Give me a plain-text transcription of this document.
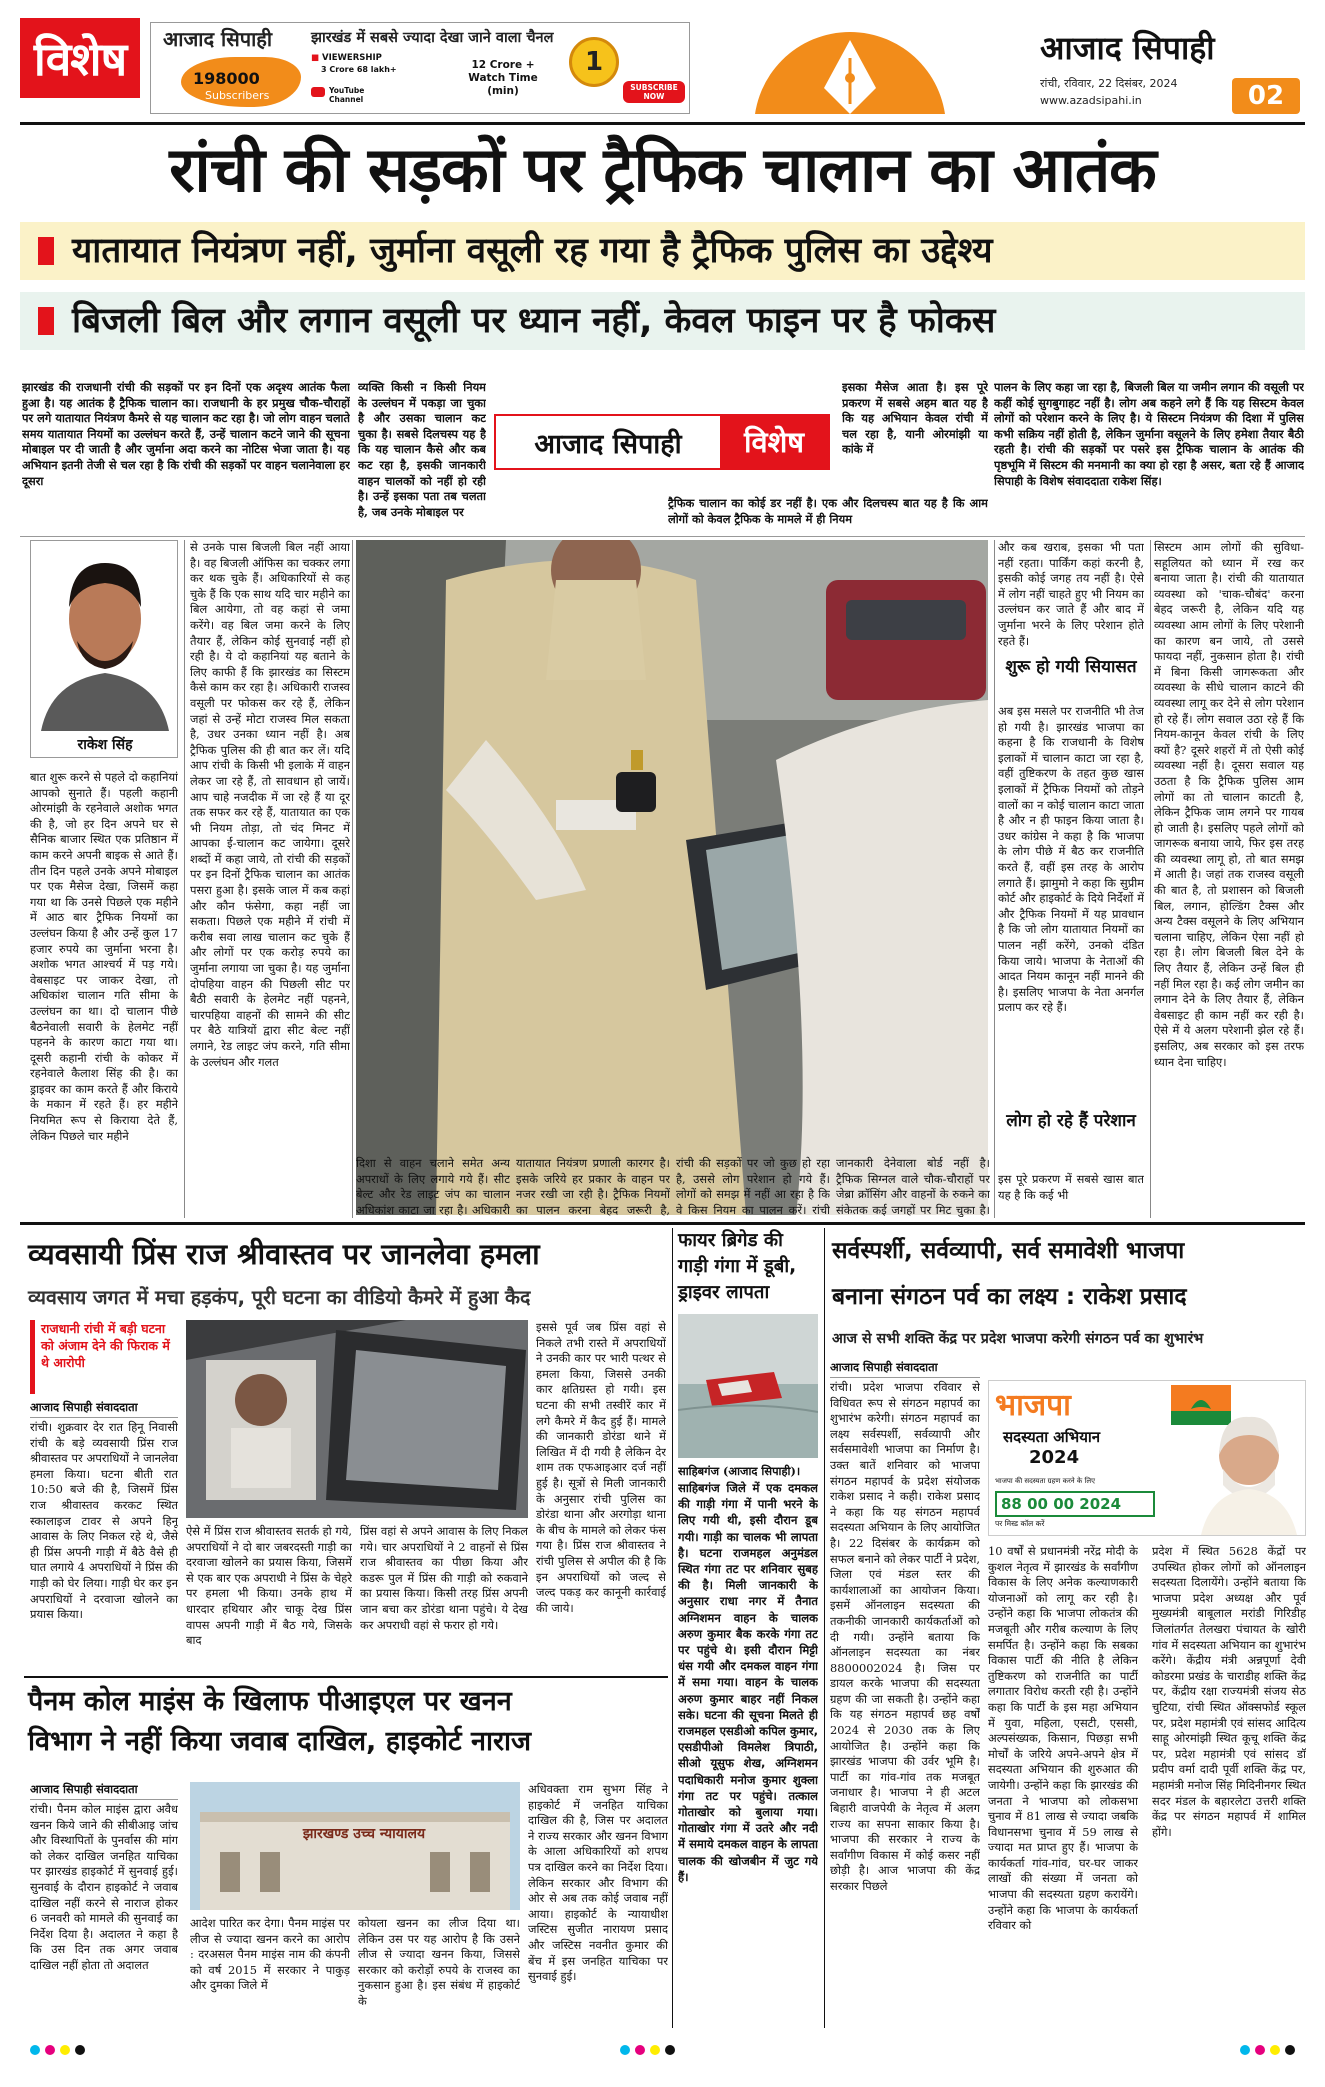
विशेष	आजाद सिपाही
198000
Subscribers
झारखंड में सबसे ज्यादा देखा जाने वाला चैनल
■ VIEWERSHIP
3 Crore 68 lakh+	12 Crore + Watch Time (min)
YouTube Channel
1
SUBSCRIBE NOW
आजाद सिपाही
रांची, रविवार, 22 दिसंबर, 2024
www.azadsipahi.in	02
रांची की सड़कों पर ट्रैफिक चालान का आतंक
यातायात नियंत्रण नहीं, जुर्माना वसूली रह गया है ट्रैफिक पुलिस का उद्देश्य
बिजली बिल और लगान वसूली पर ध्यान नहीं, केवल फाइन पर है फोकस
झारखंड की राजधानी रांची की सड़कों पर इन दिनों एक अदृश्य आतंक फैला हुआ है। यह आतंक है ट्रैफिक चालान का। राजधानी के हर प्रमुख चौक-चौराहों पर लगे यातायात नियंत्रण कैमरे से यह चालान कट रहा है। जो लोग वाहन चलाते समय यातायात नियमों का उल्लंघन करते हैं, उन्हें चालान कटने जाने की सूचना मोबाइल पर दी जाती है और जुर्माना अदा करने का नोटिस भेजा जाता है। यह अभियान इतनी तेजी से चल रहा है कि रांची की सड़कों पर वाहन चलानेवाला हर दूसरा
व्यक्ति किसी न किसी नियम के उल्लंघन में पकड़ा जा चुका है और उसका चालान कट चुका है। सबसे दिलचस्प यह है कि यह चालान कैसे और कब कट रहा है, इसकी जानकारी वाहन चालकों को नहीं हो रही है। उन्हें इसका पता तब चलता है, जब उनके मोबाइल पर
ट्रैफिक चालान का कोई डर नहीं है। एक और दिलचस्प बात यह है कि आम लोगों को केवल ट्रैफिक के मामले में ही नियम
इसका मैसेज आता है। इस पूरे प्रकरण में सबसे अहम बात यह है कि यह अभियान केवल रांची में चल रहा है, यानी ओरमांझी या कांके में
पालन के लिए कहा जा रहा है, बिजली बिल या जमीन लगान की वसूली पर कहीं कोई सुगबुगाहट नहीं है। लोग अब कहने लगे हैं कि यह सिस्टम केवल लोगों को परेशान करने के लिए है। ये सिस्टम नियंत्रण की दिशा में पुलिस कभी सक्रिय नहीं होती है, लेकिन जुर्माना वसूलने के लिए हमेशा तैयार बैठी रहती है। रांची की सड़कों पर पसरे इस ट्रैफिक चालान के आतंक की पृष्ठभूमि में सिस्टम की मनमानी का क्या हो रहा है असर, बता रहे हैं आजाद सिपाही के विशेष संवाददाता राकेश सिंह।
आजाद सिपाही	विशेष
राकेश सिंह
बात शुरू करने से पहले दो कहानियां आपको सुनाते हैं। पहली कहानी ओरमांझी के रहनेवाले अशोक भगत की है, जो हर दिन अपने घर से सैनिक बाजार स्थित एक प्रतिष्ठान में काम करने अपनी बाइक से आते हैं। तीन दिन पहले उनके अपने मोबाइल पर एक मैसेज देखा, जिसमें कहा गया था कि उनसे पिछले एक महीने में आठ बार ट्रैफिक नियमों का उल्लंघन किया है और उन्हें कुल 17 हजार रुपये का जुर्माना भरना है। अशोक भगत आश्चर्य में पड़ गये। वेबसाइट पर जाकर देखा, तो अधिकांश चालान गति सीमा के उल्लंघन का था। दो चालान पीछे बैठनेवाली सवारी के हेलमेट नहीं पहनने के कारण काटा गया था। दूसरी कहानी रांची के कोकर में रहनेवाले कैलाश सिंह की है। का ड्राइवर का काम करते हैं और किराये के मकान में रहते हैं। हर महीने नियमित रूप से किराया देते हैं, लेकिन पिछले चार महीने
से उनके पास बिजली बिल नहीं आया है। वह बिजली ऑफिस का चक्कर लगा कर थक चुके हैं। अधिकारियों से कह चुके हैं कि एक साथ यदि चार महीने का बिल आयेगा, तो वह कहां से जमा करेंगे। वह बिल जमा करने के लिए तैयार हैं, लेकिन कोई सुनवाई नहीं हो रही है। ये दो कहानियां यह बताने के लिए काफी हैं कि झारखंड का सिस्टम कैसे काम कर रहा है। अधिकारी राजस्व वसूली पर फोकस कर रहे हैं, लेकिन जहां से उन्हें मोटा राजस्व मिल सकता है, उधर उनका ध्यान नहीं है। अब ट्रैफिक पुलिस की ही बात कर लें। यदि आप रांची के किसी भी इलाके में वाहन लेकर जा रहे हैं, तो सावधान हो जायें। आप चाहे नजदीक में जा रहे हैं या दूर तक सफर कर रहे हैं, यातायात का एक भी नियम तोड़ा, तो चंद मिनट में आपका ई-चालान कट जायेगा। दूसरे शब्दों में कहा जाये, तो रांची की सड़कों पर इन दिनों ट्रैफिक चालान का आतंक पसरा हुआ है। इसके जाल में कब कहां और कौन फंसेगा, कहा नहीं जा सकता। पिछले एक महीने में रांची में करीब सवा लाख चालान कट चुके हैं और लोगों पर एक करोड़ रुपये का जुर्माना लगाया जा चुका है। यह जुर्माना दोपहिया वाहन की पिछली सीट पर बैठी सवारी के हेलमेट नहीं पहनने, चारपहिया वाहनों की सामने की सीट पर बैठे यात्रियों द्वारा सीट बेल्ट नहीं लगाने, रेड लाइट जंप करने, गति सीमा के उल्लंघन और गलत
दिशा से वाहन चलाने समेत अन्य अपराधों के लिए लगाये गये हैं। सीट बेल्ट और रेड लाइट जंप का चालान अधिकांश काटा जा रहा है। अधिकारी
यातायात नियंत्रण प्रणाली कारगर है। इसके जरिये हर प्रकार के वाहन पर नजर रखी जा रही है। ट्रैफिक नियमों का पालन करना बेहद जरूरी है,
रांची की सड़कों पर जो कुछ हो रहा है, उससे लोग परेशान हो गये हैं। लोगों को समझ में नहीं आ रहा है कि वे किस नियम का पालन करें। रांची
जानकारी देनेवाला बोर्ड नहीं है। ट्रैफिक सिग्नल वाले चौक-चौराहों पर जेब्रा क्रॉसिंग और वाहनों के रुकने का संकेतक कई जगहों पर मिट चुका है।
और कब खराब, इसका भी पता नहीं रहता। पार्किंग कहां करनी है, इसकी कोई जगह तय नहीं है। ऐसे में लोग नहीं चाहते हुए भी नियम का उल्लंघन कर जाते हैं और बाद में जुर्माना भरने के लिए परेशान होते रहते हैं।
शुरू हो गयी सियासत
अब इस मसले पर राजनीति भी तेज हो गयी है। झारखंड भाजपा का कहना है कि राजधानी के विशेष इलाकों में चालान काटा जा रहा है, वहीं तुष्टिकरण के तहत कुछ खास इलाकों में ट्रैफिक नियमों को तोड़ने वालों का न कोई चालान काटा जाता है और न ही फाइन किया जाता है। उधर कांग्रेस ने कहा है कि भाजपा के लोग पीछे में बैठ कर राजनीति करते हैं, वहीं इस तरह के आरोप लगाते हैं। झामुमो ने कहा कि सुप्रीम कोर्ट और हाइकोर्ट के दिये निर्देशों में और ट्रैफिक नियमों में यह प्रावधान है कि जो लोग यातायात नियमों का पालन नहीं करेंगे, उनको दंडित किया जाये। भाजपा के नेताओं की आदत नियम कानून नहीं मानने की है। इसलिए भाजपा के नेता अनर्गल प्रलाप कर रहे हैं।
लोग हो रहे हैं परेशान
इस पूरे प्रकरण में सबसे खास बात यह है कि कई भी
सिस्टम आम लोगों की सुविधा-सहूलियत को ध्यान में रख कर बनाया जाता है। रांची की यातायात व्यवस्था को 'चाक-चौबंद' करना बेहद जरूरी है, लेकिन यदि यह व्यवस्था आम लोगों के लिए परेशानी का कारण बन जाये, तो उससे फायदा नहीं, नुकसान होता है। रांची में बिना किसी जागरूकता और व्यवस्था के सीधे चालान काटने की व्यवस्था लागू कर देने से लोग परेशान हो रहे हैं। लोग सवाल उठा रहे हैं कि नियम-कानून केवल रांची के लिए क्यों है? दूसरे शहरों में तो ऐसी कोई व्यवस्था नहीं है। दूसरा सवाल यह उठता है कि ट्रैफिक पुलिस आम लोगों का तो चालान काटती है, लेकिन ट्रैफिक जाम लगने पर गायब हो जाती है। इसलिए पहले लोगों को जागरूक बनाया जाये, फिर इस तरह की व्यवस्था लागू हो, तो बात समझ में आती है। जहां तक राजस्व वसूली की बात है, तो प्रशासन को बिजली बिल, लगान, होल्डिंग टैक्स और अन्य टैक्स वसूलने के लिए अभियान चलाना चाहिए, लेकिन ऐसा नहीं हो रहा है। लोग बिजली बिल देने के लिए तैयार हैं, लेकिन उन्हें बिल ही नहीं मिल रहा है। कई लोग जमीन का लगान देने के लिए तैयार हैं, लेकिन वेबसाइट ही काम नहीं कर रही है। ऐसे में ये अलग परेशानी झेल रहे हैं। इसलिए, अब सरकार को इस तरफ ध्यान देना चाहिए।
व्यवसायी प्रिंस राज श्रीवास्तव पर जानलेवा हमला
व्यवसाय जगत में मचा हड़कंप, पूरी घटना का वीडियो कैमरे में हुआ कैद
राजधानी रांची में बड़ी घटना को अंजाम देने की फिराक में थे आरोपी
आजाद सिपाही संवाददाता
रांची। शुक्रवार देर रात हिनू निवासी रांची के बड़े व्यवसायी प्रिंस राज श्रीवास्तव पर अपराधियों ने जानलेवा हमला किया। घटना बीती रात 10:50 बजे की है, जिसमें प्रिंस राज श्रीवास्तव करकट स्थित स्कालाइज टावर से अपने हिनू आवास के लिए निकल रहे थे, जैसे ही प्रिंस अपनी गाड़ी में बैठे वैसे ही घात लगाये 4 अपराधियों ने प्रिंस की गाड़ी को घेर लिया। गाड़ी घेर कर इन अपराधियों ने दरवाजा खोलने का प्रयास किया।
ऐसे में प्रिंस राज श्रीवास्तव सतर्क हो गये, अपराधियों ने दो बार जबरदस्ती गाड़ी का दरवाजा खोलने का प्रयास किया, जिसमें से एक बार एक अपराधी ने प्रिंस के चेहरे पर हमला भी किया। उनके हाथ में धारदार हथियार और चाकू देख प्रिंस वापस अपनी गाड़ी में बैठ गये, जिसके बाद
प्रिंस वहां से अपने आवास के लिए निकल गये। चार अपराधियों ने 2 वाहनों से प्रिंस राज श्रीवास्तव का पीछा किया और कडरू पुल में प्रिंस की गाड़ी को रुकवाने का प्रयास किया। किसी तरह प्रिंस अपनी जान बचा कर डोरंडा थाना पहुंचे। ये देख कर अपराधी वहां से फरार हो गये।
इससे पूर्व जब प्रिंस वहां से निकले तभी रास्ते में अपराधियों ने उनकी कार पर भारी पत्थर से हमला किया, जिससे उनकी कार क्षतिग्रस्त हो गयी। इस घटना की सभी तस्वीरें कार में लगे कैमरे में कैद हुई हैं। मामले की जानकारी डोरंडा थाने में लिखित में दी गयी है लेकिन देर शाम तक एफआइआर दर्ज नहीं हुई है। सूत्रों से मिली जानकारी के अनुसार रांची पुलिस का डोरंडा थाना और अरगोड़ा थाना के बीच के मामले को लेकर फंस गया है। प्रिंस राज श्रीवास्तव ने रांची पुलिस से अपील की है कि इन अपराधियों को जल्द से जल्द पकड़ कर कानूनी कार्रवाई की जाये।
पैनम कोल माइंस के खिलाफ पीआइएल पर खनन
विभाग ने नहीं किया जवाब दाखिल, हाइकोर्ट नाराज
आजाद सिपाही संवाददाता
रांची। पैनम कोल माइंस द्वारा अवैध खनन किये जाने की सीबीआइ जांच और विस्थापितों के पुनर्वास की मांग को लेकर दाखिल जनहित याचिका पर झारखंड हाइकोर्ट में सुनवाई हुई। सुनवाई के दौरान हाइकोर्ट ने जवाब दाखिल नहीं करने से नाराज होकर 6 जनवरी को मामले की सुनवाई का निर्देश दिया है। अदालत ने कहा है कि उस दिन तक अगर जवाब दाखिल नहीं होता तो अदालत
झारखण्ड उच्च न्यायालय
आदेश पारित कर देगा। पैनम माइंस पर लीज से ज्यादा खनन करने का आरोप : दरअसल पैनम माइंस नाम की कंपनी को वर्ष 2015 में सरकार ने पाकुड़ और दुमका जिले में
कोयला खनन का लीज दिया था। लेकिन उस पर यह आरोप है कि उसने लीज से ज्यादा खनन किया, जिससे सरकार को करोड़ों रुपये के राजस्व का नुकसान हुआ है। इस संबंध में हाइकोर्ट के
अधिवक्ता राम सुभग सिंह ने हाइकोर्ट में जनहित याचिका दाखिल की है, जिस पर अदालत ने राज्य सरकार और खनन विभाग के आला अधिकारियों को शपथ पत्र दाखिल करने का निर्देश दिया। लेकिन सरकार और विभाग की ओर से अब तक कोई जवाब नहीं आया। हाइकोर्ट के न्यायाधीश जस्टिस सुजीत नारायण प्रसाद और जस्टिस नवनीत कुमार की बेंच में इस जनहित याचिका पर सुनवाई हुई।
फायर ब्रिगेड की गाड़ी गंगा में डूबी, ड्राइवर लापता
साहिबगंज (आजाद सिपाही)।
साहिबगंज जिले में एक दमकल की गाड़ी गंगा में पानी भरने के लिए गयी थी, इसी दौरान डूब गयी। गाड़ी का चालक भी लापता है। घटना राजमहल अनुमंडल स्थित गंगा तट पर शनिवार सुबह की है। मिली जानकारी के अनुसार राधा नगर में तैनात अग्निशमन वाहन के चालक अरुण कुमार बैक करके गंगा तट पर पहुंचे थे। इसी दौरान मिट्टी धंस गयी और दमकल वाहन गंगा में समा गया। वाहन के चालक अरुण कुमार बाहर नहीं निकल सके। घटना की सूचना मिलते ही राजमहल एसडीओ कपिल कुमार, एसडीपीओ विमलेश त्रिपाठी, सीओ यूसुफ शेख, अग्निशमन पदाधिकारी मनोज कुमार शुक्ला गंगा तट पर पहुंचे। तत्काल गोताखोर को बुलाया गया। गोताखोर गंगा में उतरे और नदी में समाये दमकल वाहन के लापता चालक की खोजबीन में जुट गये हैं।
सर्वस्पर्शी, सर्वव्यापी, सर्व समावेशी भाजपा
बनाना संगठन पर्व का लक्ष्य : राकेश प्रसाद
आज से सभी शक्ति केंद्र पर प्रदेश भाजपा करेगी संगठन पर्व का शुभारंभ
आजाद सिपाही संवाददाता
रांची। प्रदेश भाजपा रविवार से विधिवत रूप से संगठन महापर्व का शुभारंभ करेगी। संगठन महापर्व का लक्ष्य सर्वस्पर्शी, सर्वव्यापी और सर्वसमावेशी भाजपा का निर्माण है। उक्त बातें शनिवार को भाजपा संगठन महापर्व के प्रदेश संयोजक राकेश प्रसाद ने कही। राकेश प्रसाद ने कहा कि यह संगठन महापर्व सदस्यता अभियान के लिए आयोजित है। 22 दिसंबर के कार्यक्रम को सफल बनाने को लेकर पार्टी ने प्रदेश, जिला एवं मंडल स्तर की कार्यशालाओं का आयोजन किया। इसमें ऑनलाइन सदस्यता की तकनीकी जानकारी कार्यकर्ताओं को दी गयी। उन्होंने बताया कि ऑनलाइन सदस्यता का नंबर 8800002024 है। जिस पर डायल करके भाजपा की सदस्यता ग्रहण की जा सकती है। उन्होंने कहा कि यह संगठन महापर्व छह वर्षों 2024 से 2030 तक के लिए आयोजित है। उन्होंने कहा कि झारखंड भाजपा की उर्वर भूमि है। पार्टी का गांव-गांव तक मजबूत जनाधार है। भाजपा ने ही अटल बिहारी वाजपेयी के नेतृत्व में अलग राज्य का सपना साकार किया है। भाजपा की सरकार ने राज्य के सर्वांगीण विकास में कोई कसर नहीं छोड़ी है। आज भाजपा की केंद्र सरकार पिछले
भाजपा
सदस्यता अभियान
2024
भाजपा की सदस्यता ग्रहण करने के लिए
88 00 00 2024
पर मिस्ड कॉल करें
10 वर्षों से प्रधानमंत्री नरेंद्र मोदी के कुशल नेतृत्व में झारखंड के सर्वांगीण विकास के लिए अनेक कल्याणकारी योजनाओं को लागू कर रही है। उन्होंने कहा कि भाजपा लोकतंत्र की मजबूती और गरीब कल्याण के लिए समर्पित है। उन्होंने कहा कि सबका विकास पार्टी की नीति है लेकिन तुष्टिकरण को राजनीति का पार्टी लगातार विरोध करती रही है। उन्होंने कहा कि पार्टी के इस महा अभियान में युवा, महिला, एसटी, एससी, अल्पसंख्यक, किसान, पिछड़ा सभी मोर्चों के जरिये अपने-अपने क्षेत्र में सदस्यता अभियान की शुरुआत की जायेगी। उन्होंने कहा कि झारखंड की जनता ने भाजपा को लोकसभा चुनाव में 81 लाख से ज्यादा जबकि विधानसभा चुनाव में 59 लाख से ज्यादा मत प्राप्त हुए हैं। भाजपा के कार्यकर्ता गांव-गांव, घर-घर जाकर लाखों की संख्या में जनता को भाजपा की सदस्यता ग्रहण करायेंगे। उन्होंने कहा कि भाजपा के कार्यकर्ता रविवार को
प्रदेश में स्थित 5628 केंद्रों पर उपस्थित होकर लोगों को ऑनलाइन सदस्यता दिलायेंगे। उन्होंने बताया कि भाजपा प्रदेश अध्यक्ष और पूर्व मुख्यमंत्री बाबूलाल मरांडी गिरिडीह जिलांतर्गत तेलखरा पंचायत के खोरी गांव में सदस्यता अभियान का शुभारंभ करेंगे। केंद्रीय मंत्री अन्नपूर्णा देवी कोडरमा प्रखंड के चाराडीह शक्ति केंद्र पर, केंद्रीय रक्षा राज्यमंत्री संजय सेठ चुटिया, रांची स्थित ऑक्सफोर्ड स्कूल पर, प्रदेश महामंत्री एवं सांसद आदित्य साहू ओरमांझी स्थित कूचू शक्ति केंद्र पर, प्रदेश महामंत्री एवं सांसद डॉ प्रदीप वर्मा दादी पूर्वी शक्ति केंद्र पर, महामंत्री मनोज सिंह मिदिनीनगर स्थित सदर मंडल के बहारलेटा उत्तरी शक्ति केंद्र पर संगठन महापर्व में शामिल होंगे।
